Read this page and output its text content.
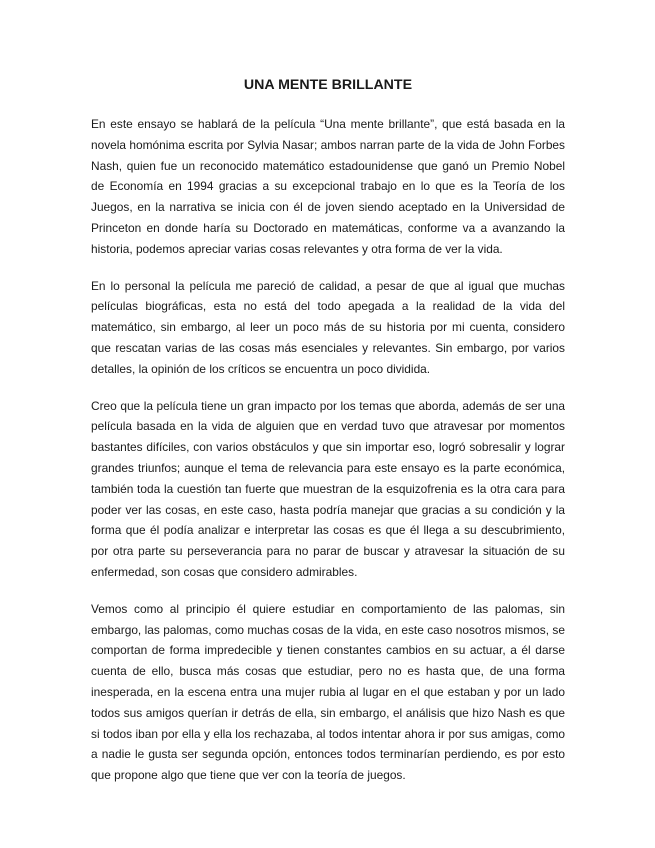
UNA MENTE BRILLANTE

En este ensayo se hablará de la película “Una mente brillante”, que está basada en la novela homónima escrita por Sylvia Nasar; ambos narran parte de la vida de John Forbes Nash, quien fue un reconocido matemático estadounidense que ganó un Premio Nobel de Economía en 1994 gracias a su excepcional trabajo en lo que es la Teoría de los Juegos, en la narrativa se inicia con él de joven siendo aceptado en la Universidad de Princeton en donde haría su Doctorado en matemáticas, conforme va a avanzando la historia, podemos apreciar varias cosas relevantes y otra forma de ver la vida.

En lo personal la película me pareció de calidad, a pesar de que al igual que muchas películas biográficas, esta no está del todo apegada a la realidad de la vida del matemático, sin embargo, al leer un poco más de su historia por mi cuenta, considero que rescatan varias de las cosas más esenciales y relevantes. Sin embargo, por varios detalles, la opinión de los críticos se encuentra un poco dividida.

Creo que la película tiene un gran impacto por los temas que aborda, además de ser una película basada en la vida de alguien que en verdad tuvo que atravesar por momentos bastantes difíciles, con varios obstáculos y que sin importar eso, logró sobresalir y lograr grandes triunfos; aunque el tema de relevancia para este ensayo es la parte económica, también toda la cuestión tan fuerte que muestran de la esquizofrenia es la otra cara para poder ver las cosas, en este caso, hasta podría manejar que gracias a su condición y la forma que él podía analizar e interpretar las cosas es que él llega a su descubrimiento, por otra parte su perseverancia para no parar de buscar y atravesar la situación de su enfermedad, son cosas que considero admirables.

Vemos como al principio él quiere estudiar en comportamiento de las palomas, sin embargo, las palomas, como muchas cosas de la vida, en este caso nosotros mismos, se comportan de forma impredecible y tienen constantes cambios en su actuar, a él darse cuenta de ello, busca más cosas que estudiar, pero no es hasta que, de una forma inesperada, en la escena entra una mujer rubia al lugar en el que estaban y por un lado todos sus amigos querían ir detrás de ella, sin embargo, el análisis que hizo Nash es que si todos iban por ella y ella los rechazaba, al todos intentar ahora ir por sus amigas, como a nadie le gusta ser segunda opción, entonces todos terminarían perdiendo, es por esto que propone algo que tiene que ver con la teoría de juegos.
